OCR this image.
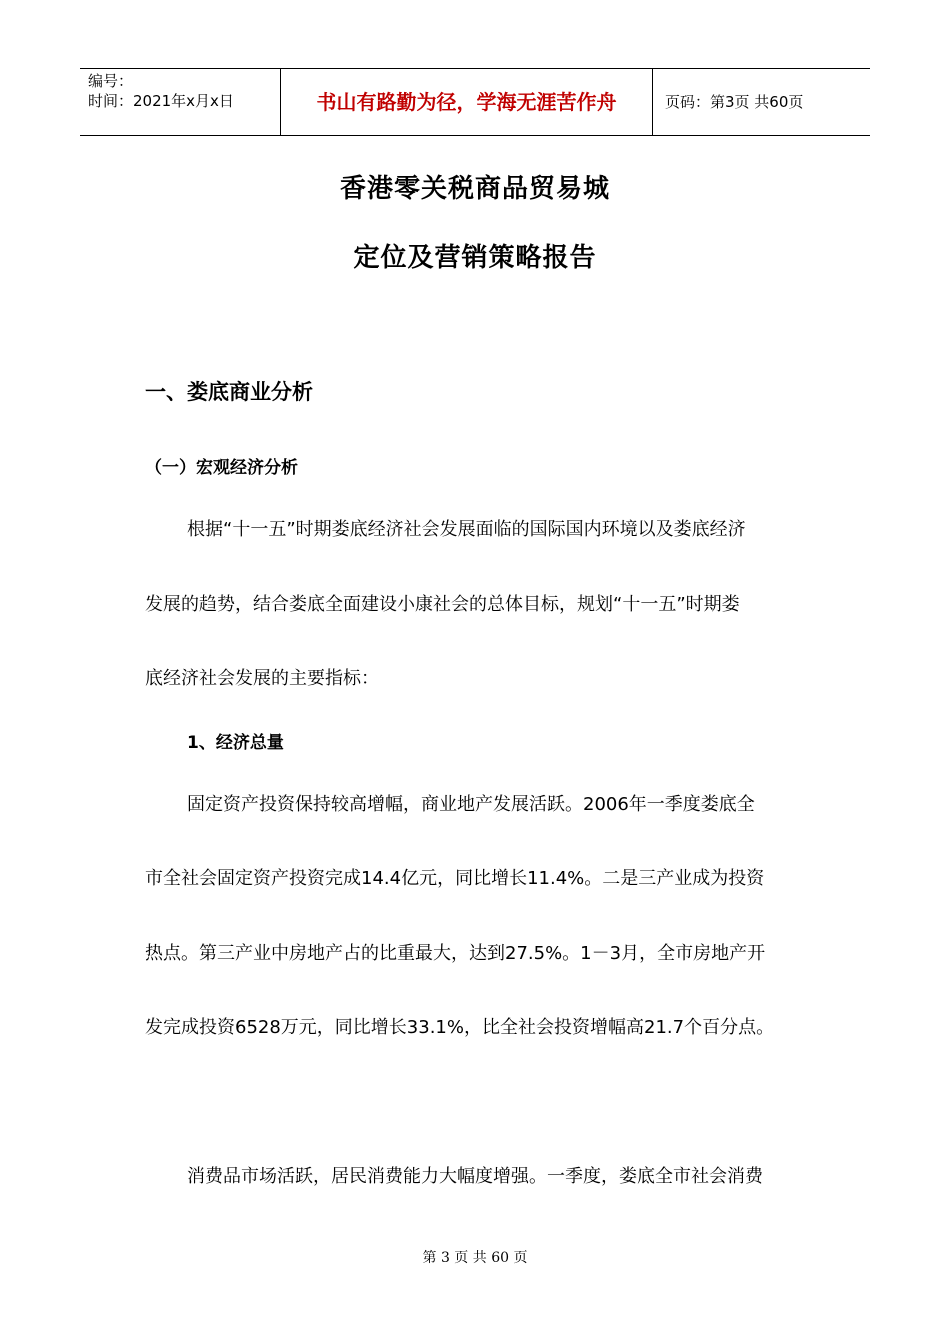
编号：
时间：2021年x月x日	书山有路勤为径，学海无涯苦作舟	页码：第3页 共60页
香港零关税商品贸易城
定位及营销策略报告
一、娄底商业分析
（一）宏观经济分析
根据“十一五”时期娄底经济社会发展面临的国际国内环境以及娄底经济
发展的趋势，结合娄底全面建设小康社会的总体目标，规划“十一五”时期娄
底经济社会发展的主要指标：
1、经济总量
固定资产投资保持较高增幅，商业地产发展活跃。2006年一季度娄底全
市全社会固定资产投资完成14.4亿元，同比增长11.4%。二是三产业成为投资
热点。第三产业中房地产占的比重最大，达到27.5%。1－3月，全市房地产开
发完成投资6528万元，同比增长33.1%，比全社会投资增幅高21.7个百分点。
消费品市场活跃，居民消费能力大幅度增强。一季度，娄底全市社会消费
第 3 页 共 60 页
